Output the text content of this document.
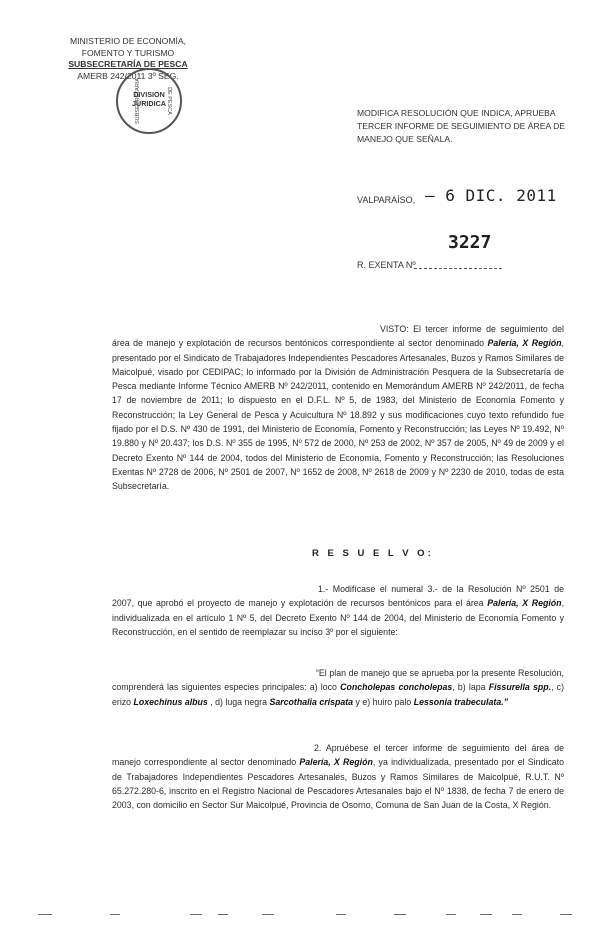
MINISTERIO DE ECONOMÍA,
FOMENTO Y TURISMO
SUBSECRETARÍA DE PESCA
AMERB 242/2011 3º SEG.
SUBSECRETARIA
DIVISION
JURIDICA DE PESCA	MODIFICA RESOLUCIÓN QUE INDICA, APRUEBA TERCER INFORME DE SEGUIMIENTO DE ÁREA DE MANEJO QUE SEÑALA.
VALPARAÍSO, – 6 DIC. 2011
3227
R. EXENTA Nº
VISTO: El tercer informe de seguimiento del área de manejo y explotación de recursos bentónicos correspondiente al sector denominado Palería, X Región, presentado por el Sindicato de Trabajadores Independientes Pescadores Artesanales, Buzos y Ramos Similares de Maicolpué, visado por CEDIPAC; lo informado por la División de Administración Pesquera de la Subsecretaría de Pesca mediante Informe Técnico AMERB Nº 242/2011, contenido en Memorándum AMERB Nº 242/2011, de fecha 17 de noviembre de 2011; lo dispuesto en el D.F.L. Nº 5, de 1983, del Ministerio de Economía Fomento y Reconstrucción; la Ley General de Pesca y Acuicultura Nº 18.892 y sus modificaciones cuyo texto refundido fue fijado por el D.S. Nº 430 de 1991, del Ministerio de Economía, Fomento y Reconstrucción; las Leyes Nº 19.492, Nº 19.880 y Nº 20.437; los D.S. Nº 355 de 1995, Nº 572 de 2000, Nº 253 de 2002, Nº 357 de 2005, Nº 49 de 2009 y el Decreto Exento Nº 144 de 2004, todos del Ministerio de Economía, Fomento y Reconstrucción; las Resoluciones Exentas Nº 2728 de 2006, Nº 2501 de 2007, Nº 1652 de 2008, Nº 2618 de 2009 y Nº 2230 de 2010, todas de esta Subsecretaría.
R E S U E L V O:
1.- Modifícase el numeral 3.- de la Resolución Nº 2501 de 2007, que aprobó el proyecto de manejo y explotación de recursos bentónicos para el área Palería, X Región, individualizada en el artículo 1 Nº 5, del Decreto Exento Nº 144 de 2004, del Ministerio de Economía Fomento y Reconstrucción, en el sentido de reemplazar su inciso 3º por el siguiente:
“El plan de manejo que se aprueba por la presente Resolución, comprenderá las siguientes especies principales: a) loco Concholepas concholepas, b) lapa Fissurella spp., c) erizo Loxechinus albus , d) luga negra Sarcothalia crispata y e) huiro palo Lessonia trabeculata.”
2. Apruébese el tercer informe de seguimiento del área de manejo correspondiente al sector denominado Palería, X Región, ya individualizada, presentado por el Sindicato de Trabajadores Independientes Pescadores Artesanales, Buzos y Ramos Similares de Maicolpué, R.U.T. Nº 65.272.280-6, inscrito en el Registro Nacional de Pescadores Artesanales bajo el Nº 1838, de fecha 7 de enero de 2003, con domicilio en Sector Sur Maicolpué, Provincia de Osorno, Comuna de San Juan de la Costa, X Región.
